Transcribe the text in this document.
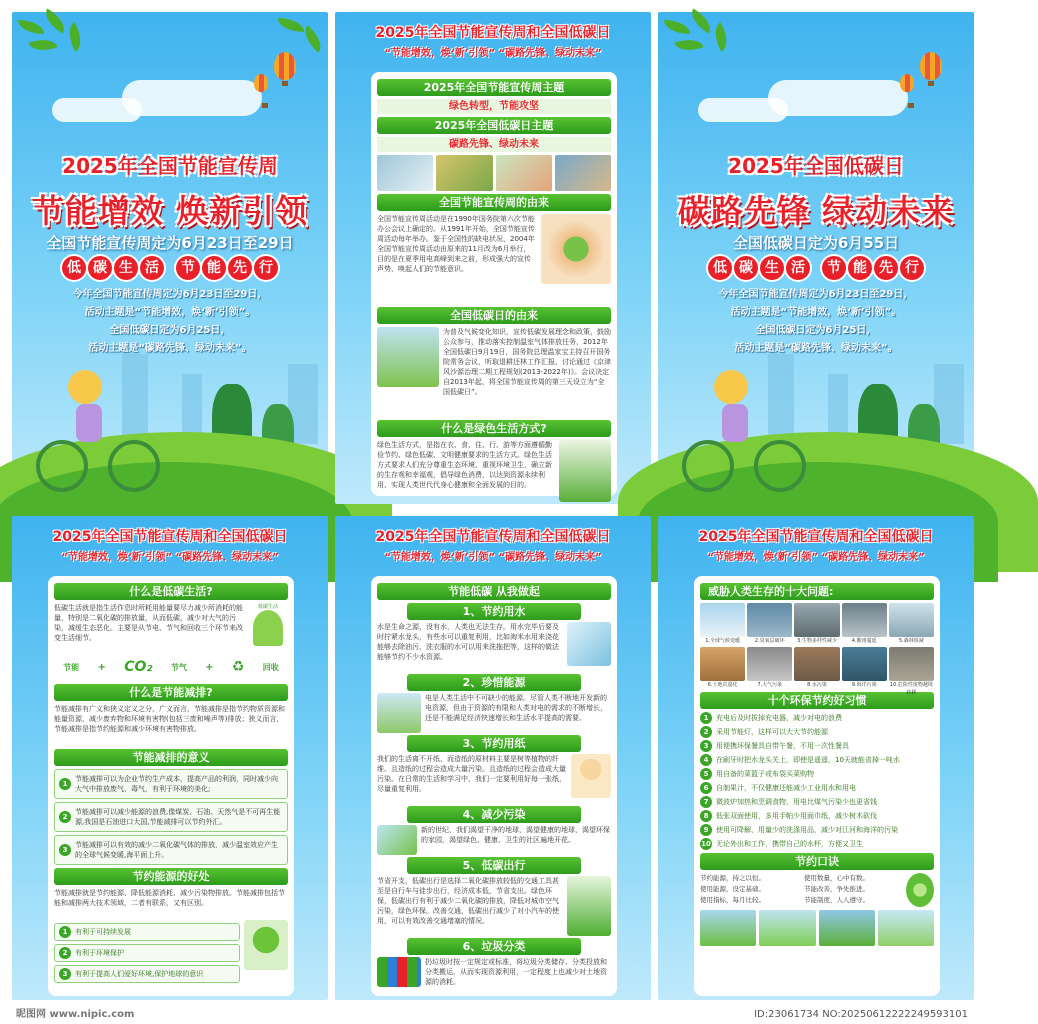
2025年全国节能宣传周
节能增效 焕新引领
全国节能宣传周定为6月23日至29日
低 碳 生 活 节 能 先 行
今年全国节能宣传周定为6月23日至29日，
活动主题是“节能增效，焕‘新’引领”。
全国低碳日定为6月25日，
活动主题是“碳路先锋、绿动未来”。
2025年全国节能宣传周和全国低碳日
“节能增效，焕‘新’引领” “碳路先锋、绿动未来”
2025年全国节能宣传周主题
绿色转型，节能攻坚
2025年全国低碳日主题
碳路先锋、绿动未来
全国节能宣传周的由来
全国节能宣传周活动是在1990年国务院第六次节能办公会议上确定的。从1991年开始，全国节能宣传周活动每年举办。鉴于全国性的缺电状况，2004年全国节能宣传周活动由原来的11月改为6月举行，目的是在夏季用电高峰到来之前，形成强大的宣传声势，唤起人们的节能意识。
全国低碳日的由来
为普及气候变化知识，宣传低碳发展理念和政策，鼓励公众参与，推动落实控制温室气体排放任务，2012年全国低碳日9月19日，国务院总理温家宝主持召开国务院常务会议，听取退耕还林工作汇报，讨论通过《京津风沙源治理二期工程规划(2013-2022年)》。会议决定自2013年起，将全国节能宣传周的第三天设立为“全国低碳日”。
什么是绿色生活方式?
绿色生活方式，是指在衣、食、住、行、游等方面遵循勤俭节约、绿色低碳、文明健康要求的生活方式。绿色生活方式要求人们充分尊重生态环境，重视环境卫生，确立新的生存观和幸福观，倡导绿色消费，以达到资源永续利用、实现人类世代代身心健康和全面发展的目的。
2025年全国低碳日
碳路先锋 绿动未来
全国低碳日定为6月55日
低 碳 生 活 节 能 先 行
今年全国节能宣传周定为6月23日至29日，
活动主题是“节能增效，焕‘新’引领”。
全国低碳日定为6月25日，
活动主题是“碳路先锋、绿动未来”。
2025年全国节能宣传周和全国低碳日
“节能增效，焕‘新’引领” “碳路先锋、绿动未来”
什么是低碳生活?
低碳生活就是指生活作息时所耗用能量要尽力减少所消耗的能量，特别是二氧化碳的排放量，从而低碳，减少对大气的污染，减缓生态恶化。主要是从节电、节气和回收三个环节来改变生活细节。
低碳生活
节能 + CO₂ 节气 + ♻ 回收
什么是节能减排?
节能减排有广义和狭义定义之分，广义而言，节能减排是指节约物质资源和能量资源，减少废弃物和环境有害物(包括三废和噪声等)排放；狭义而言，节能减排是指节约能源和减少环境有害物排放。
节能减排的意义
1
节能减排可以为企业节约生产成本，提高产品的利润，同时减少向大气中排放废气、毒气，有利于环境的美化;
2
节能减排可以减少能源的浪费,像煤炭、石油、天然气是不可再生能源,我国是石油进口大国,节能减排可以节约外汇。
3
节能减排可以有效的减少二氧化碳气体的排放，减少温室效应产生的全球气候变暖,海平面上升。
节约能源的好处
节能减排就是节约能源、降低能源消耗、减少污染物排放。节能减排包括节能和减排两大技术领域，二者有联系，又有区别。
1	有利于可持续发展
2	有利于环境保护
3	有利于提高人们爱好环境,保护地球的意识
2025年全国节能宣传周和全国低碳日
“节能增效，焕‘新’引领” “碳路先锋、绿动未来”
节能低碳 从我做起
1、节约用水
水是生命之源，没有水，人类也无法生存。用水完毕后要及时拧紧水龙头，有些水可以重复利用，比如淘米水用来浇花能够去除油污，洗衣服的水可以用来洗拖把等，这样的做法能够节约不少水资源。
2、珍惜能源
电是人类生活中不可缺少的能源。尽管人类不断地开发新的电资源，但由于资源的有限和人类对电的需求的不断增长，还是不能满足经济快速增长和生活水平提高的需要。
3、节约用纸
我们的生活离不开纸，而造纸的原材料主要是树等植物的纤维。且造纸的过程会造成大量污染。且造纸的过程会造成大量污染。在日常的生活和学习中，我们一定要利用好每一张纸，尽量重复利用。
4、减少污染
新的世纪，我们渴望干净的地球，渴望健康的地球，渴望环保的家园，渴望绿色、健康、卫生的社区遍地开花。
5、低碳出行
节省开支，低碳出行是选择二氧化碳排放较低的交通工具甚至是自行车与徒步出行，经济成本低，节省支出。绿色环保，低碳出行有利于减少二氧化碳的排放，降低对城市空气污染，绿色环保。改善交通，低碳出行减少了对小汽车的使用，可以有效改善交通堵塞的情况。
6、垃圾分类
扔垃圾时按一定规定或标准，将垃圾分类储存、分类投放和分类搬运，从而实现资源利用，一定程度上也减少对土地资源的消耗。
2025年全国节能宣传周和全国低碳日
“节能增效，焕‘新’引领” “碳路先锋、绿动未来”
威胁人类生存的十大问题:
1.全球气候变暖	2.臭氧层破坏	3.生物多样性减少	4.酸雨蔓延	5.森林锐减
6.土地荒漠化	7.大气污染	8.水污染	9.海洋污染	10.危险性废物越境转移
十个环保节约好习惯
1	充电后及时拔掉充电器，减少对电的浪费
2	采用节能灯，这样可以大大节约能源
3	用便携环保餐具自带午餐，不用一次性餐具
4	在刷牙时把水龙头关上，即使是遥遥，10天就能省掉一吨水
5	用自备的菜篮子或布袋买菜购物
6	自制果汁，不仅健康还能减少工业用水和用电
7	微波炉加热和烹调食物，用电比煤气污染少也更省钱
8	低张双面使用，多用手帕少用面巾纸，减少树木砍伐
9	使用可降解，用量少的洗涤用品，减少对江河和海洋的污染
10 无论外出和工作，携带自己的水杯，方便又卫生
节约口诀
节约能源，持之以恒。	使用数量，心中有数。
使用能源，设定基础。	节能改善，争先推进。
使用指标，每月比较。	节能制度，人人遵守。
昵图网 www.nipic.com	ID:23061734 NO:20250612222249593101
